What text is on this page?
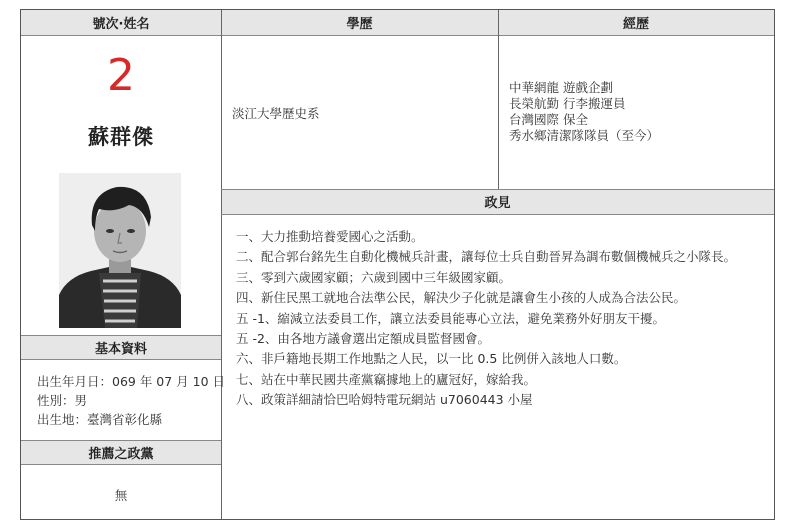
號次·姓名	學歷	經歷
政見
基本資料
推薦之政黨
2
蘇群傑
出生年月日：069 年 07 月 10 日
性別：男
出生地：臺灣省彰化縣
無
淡江大學歷史系
中華網龍 遊戲企劃
長榮航勤 行李搬運員
台灣國際 保全
秀水鄉清潔隊隊員（至今）
一、大力推動培養愛國心之活動。
二、配合郭台銘先生自動化機械兵計畫，讓每位士兵自動晉昇為調布數個機械兵之小隊長。
三、零到六歲國家顧；六歲到國中三年級國家顧。
四、新住民黑工就地合法準公民，解決少子化就是讓會生小孩的人成為合法公民。
五 -1、縮減立法委員工作，讓立法委員能專心立法，避免業務外好朋友干擾。
五 -2、由各地方議會選出定額成員監督國會。
六、非戶籍地長期工作地點之人民，以一比 0.5 比例併入該地人口數。
七、站在中華民國共產黨竊據地上的廬冠好，嫁給我。
八、政策詳細請恰巴哈姆特電玩網站 u7060443 小屋
